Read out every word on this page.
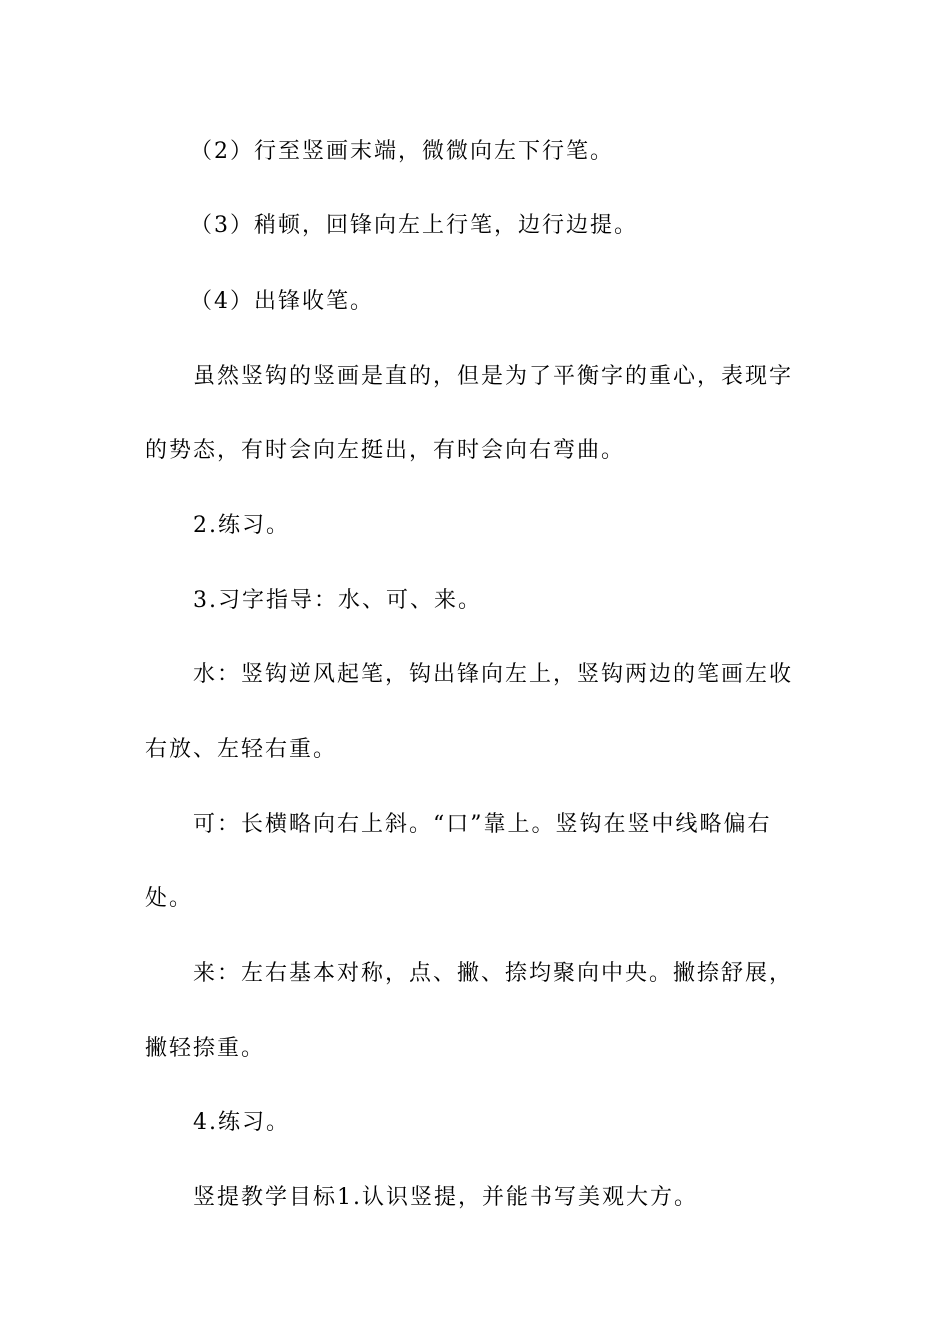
（2）行至竖画末端，微微向左下行笔。
（3）稍顿，回锋向左上行笔，边行边提。
（4）出锋收笔。
虽然竖钩的竖画是直的，但是为了平衡字的重心，表现字
的势态，有时会向左挺出，有时会向右弯曲。
2.练习。
3.习字指导：水、可、来。
水：竖钩逆风起笔，钩出锋向左上，竖钩两边的笔画左收
右放、左轻右重。
可：长横略向右上斜。“口”靠上。竖钩在竖中线略偏右
处。
来：左右基本对称，点、撇、捺均聚向中央。撇捺舒展，
撇轻捺重。
4.练习。
竖提教学目标1.认识竖提，并能书写美观大方。
